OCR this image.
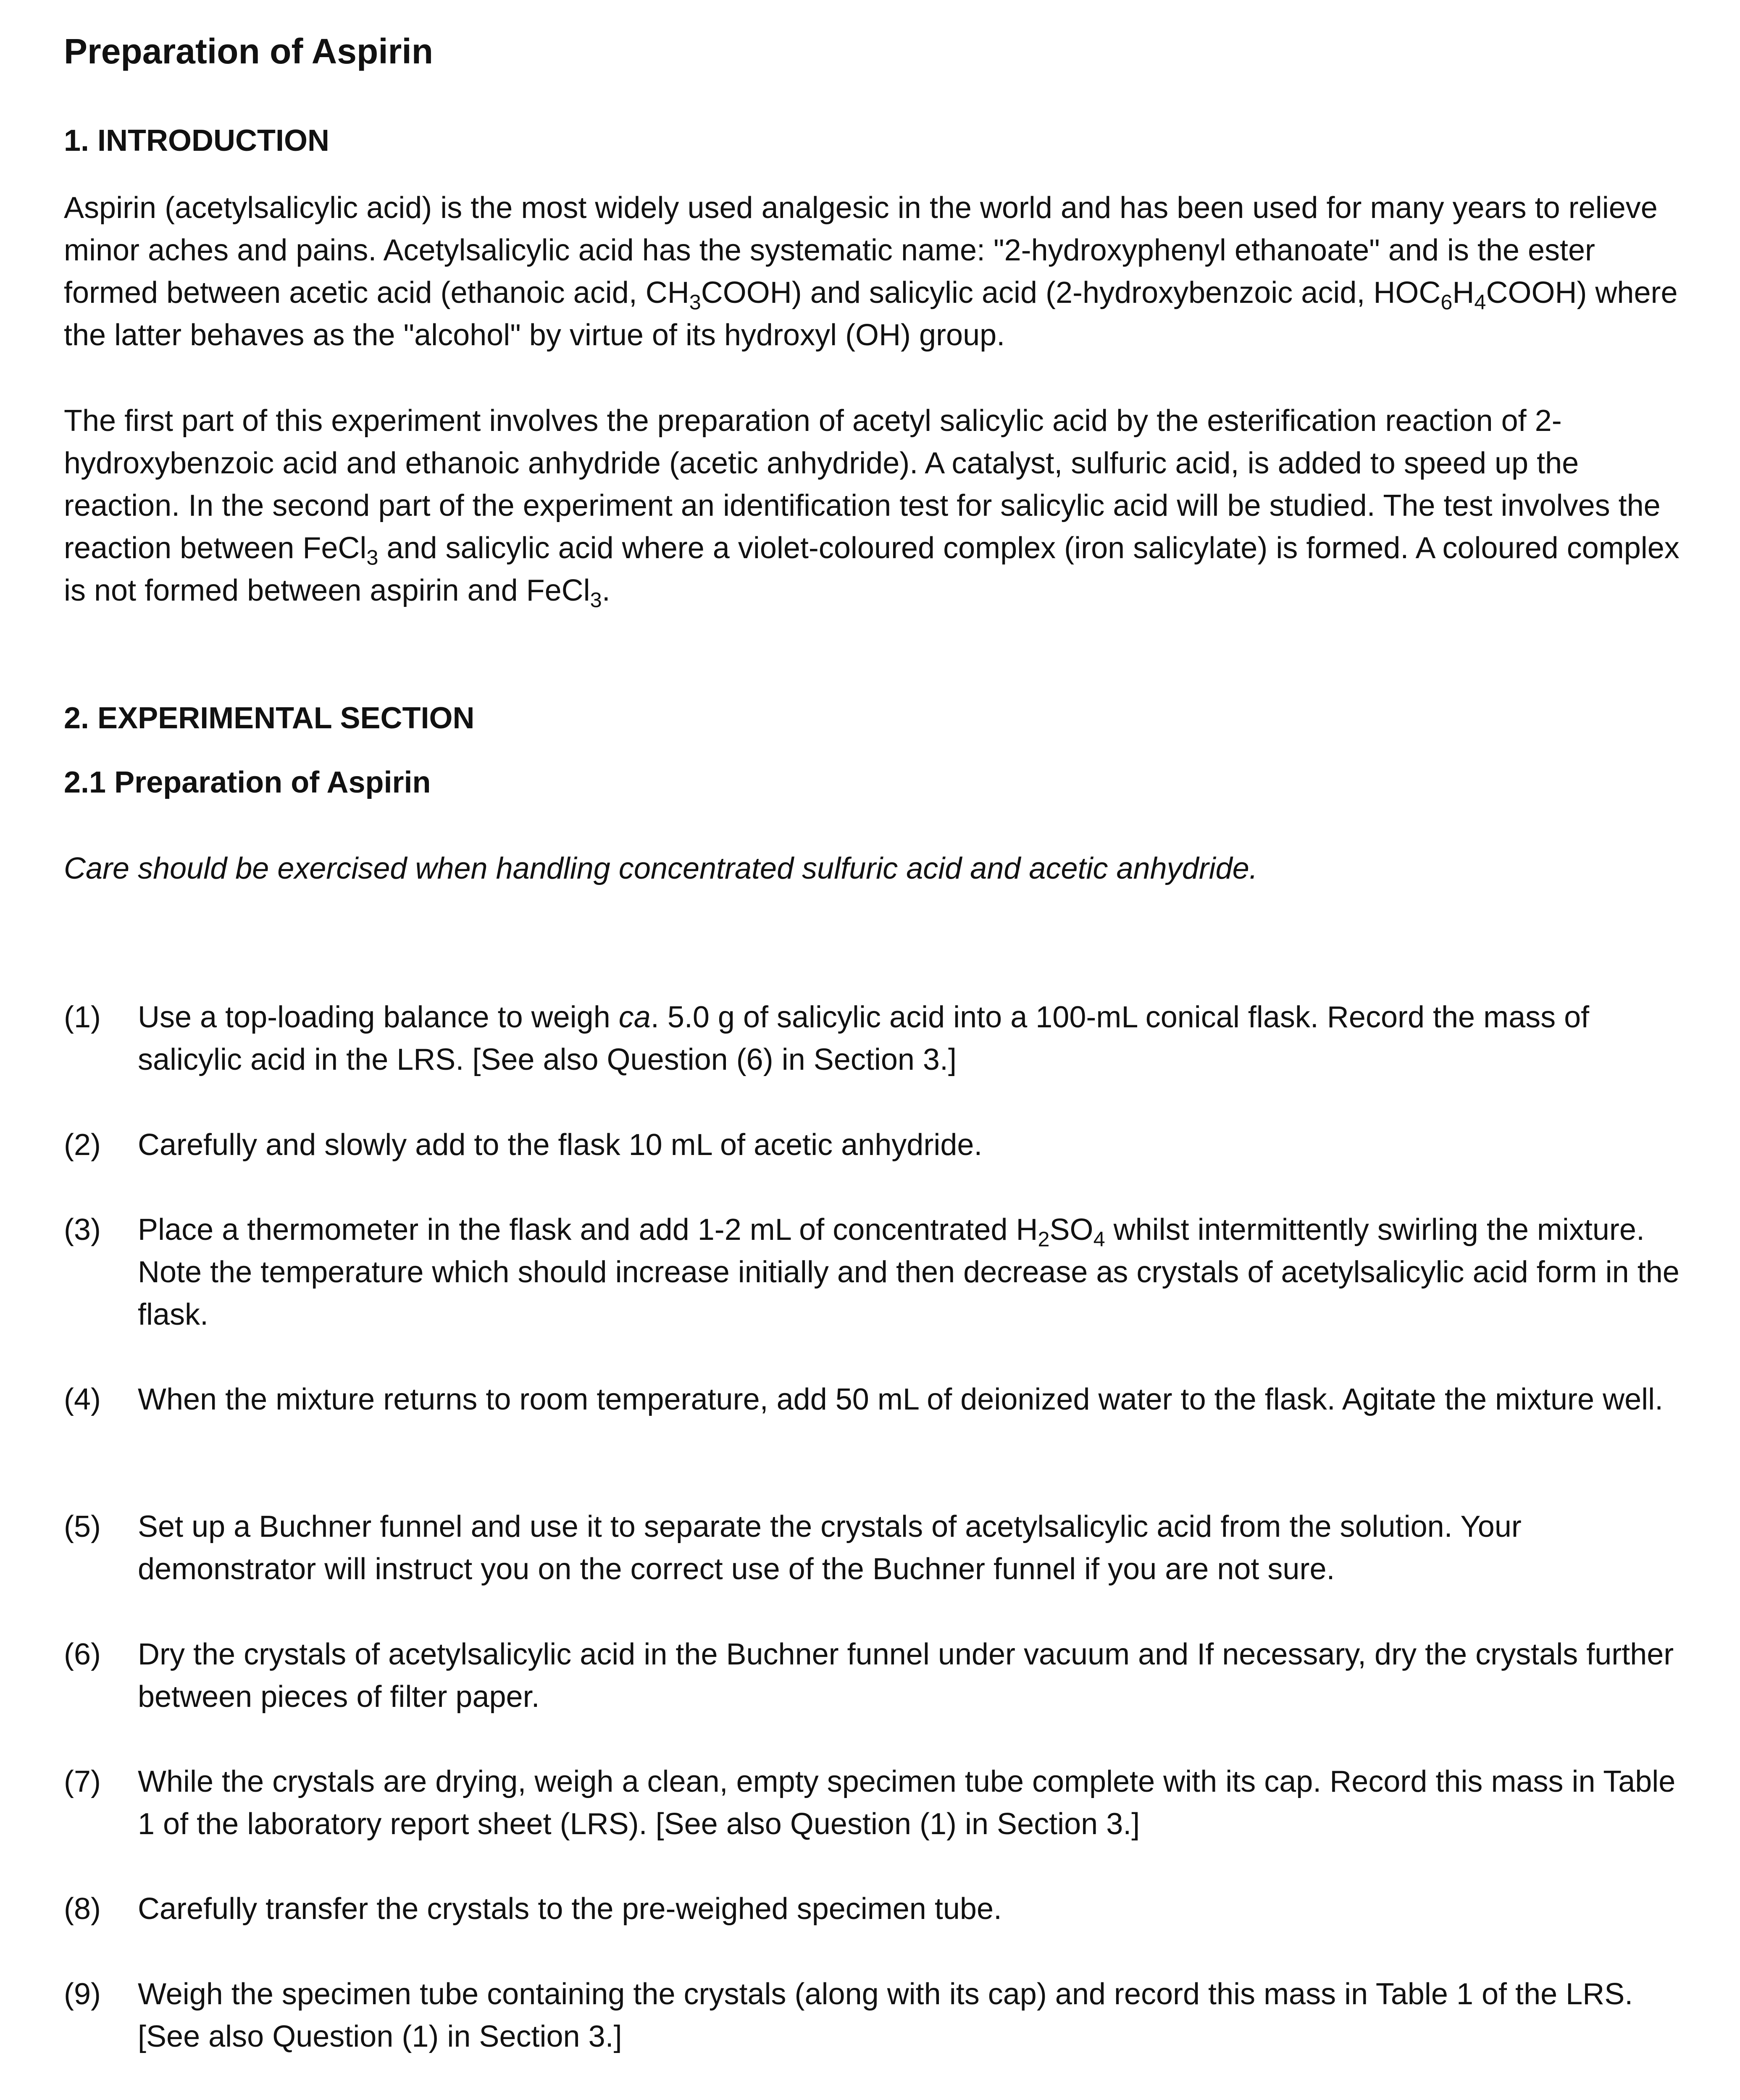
Preparation of Aspirin
1. INTRODUCTION

Aspirin (acetylsalicylic acid) is the most widely used analgesic in the world and has been used for many years to relieve minor aches and pains. Acetylsalicylic acid has the systematic name: "2-hydroxyphenyl ethanoate" and is the ester formed between acetic acid (ethanoic acid, $CH_3COOH$) and salicylic acid (2-hydroxybenzoic acid, $HOC_6H_4COOH$) where the latter behaves as the "alcohol" by virtue of its hydroxyl (OH) group.

The first part of this experiment involves the preparation of acetyl salicylic acid by the esterification reaction of 2-hydroxybenzoic acid and ethanoic anhydride (acetic anhydride). A catalyst, sulfuric acid, is added to speed up the reaction. In the second part of the experiment an identification test for salicylic acid will be studied. The test involves the reaction between FeCl$_3$ and salicylic acid where a violet-coloured complex (iron salicylate) is formed. A coloured complex is not formed between aspirin and FeCl$_3$.

2. EXPERIMENTAL SECTION
2.1 Preparation of Aspirin
Care should be exercised when handling concentrated sulfuric acid and acetic anhydride.
(1)	Use a top-loading balance to weigh ca. 5.0 g of salicylic acid into a 100-mL conical flask. Record the mass of salicylic acid in the LRS. [See also Question (6) in Section 3.]
(2)	Carefully and slowly add to the flask 10 mL of acetic anhydride.
(3)	Place a thermometer in the flask and add 1-2 mL of concentrated $H_2SO_4$ whilst intermittently swirling the mixture. Note the temperature which should increase initially and then decrease as crystals of acetylsalicylic acid form in the flask.
(4)	When the mixture returns to room temperature, add 50 mL of deionized water to the flask. Agitate the mixture well.
(5)	Set up a Buchner funnel and use it to separate the crystals of acetylsalicylic acid from the solution. Your demonstrator will instruct you on the correct use of the Buchner funnel if you are not sure.
(6)	Dry the crystals of acetylsalicylic acid in the Buchner funnel under vacuum and If necessary, dry the crystals further between pieces of filter paper.
(7)	While the crystals are drying, weigh a clean, empty specimen tube complete with its cap. Record this mass in Table 1 of the laboratory report sheet (LRS). [See also Question (1) in Section 3.]
(8)	Carefully transfer the crystals to the pre-weighed specimen tube.
(9)	Weigh the specimen tube containing the crystals (along with its cap) and record this mass in Table 1 of the LRS. [See also Question (1) in Section 3.]
